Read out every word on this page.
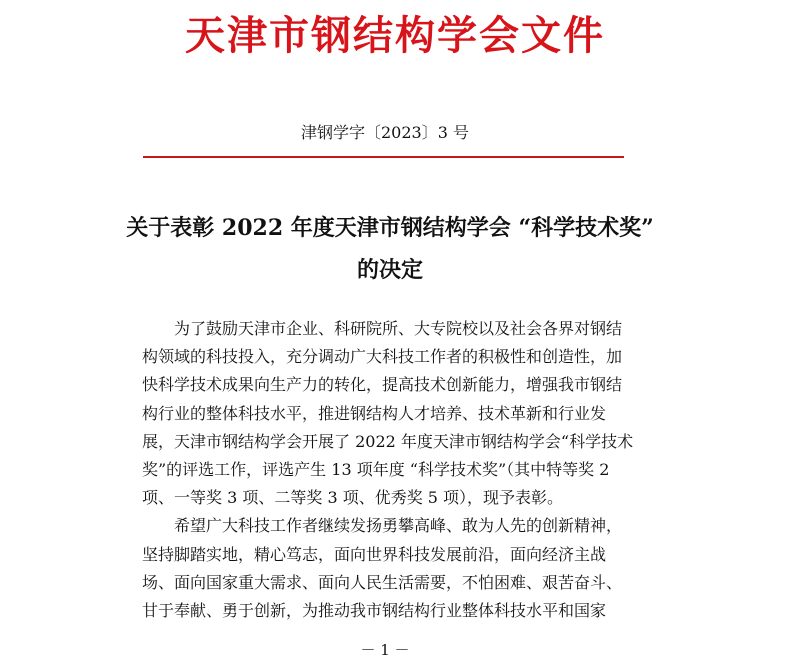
天津市钢结构学会文件
津钢学字〔2023〕3 号
关于表彰 2022 年度天津市钢结构学会 “科学技术奖”
的决定

为了鼓励天津市企业、科研院所、大专院校以及社会各界对钢结构领域的科技投入，充分调动广大科技工作者的积极性和创造性，加快科学技术成果向生产力的转化，提高技术创新能力，增强我市钢结构行业的整体科技水平，推进钢结构人才培养、技术革新和行业发展，天津市钢结构学会开展了 2022 年度天津市钢结构学会“科学技术奖”的评选工作，评选产生 13 项年度 “科学技术奖”（其中特等奖 2 项、一等奖 3 项、二等奖 3 项、优秀奖 5 项），现予表彰。

希望广大科技工作者继续发扬勇攀高峰、敢为人先的创新精神，坚持脚踏实地，精心笃志，面向世界科技发展前沿，面向经济主战场、面向国家重大需求、面向人民生活需要，不怕困难、艰苦奋斗、甘于奉献、勇于创新，为推动我市钢结构行业整体科技水平和国家

－ 1 －
